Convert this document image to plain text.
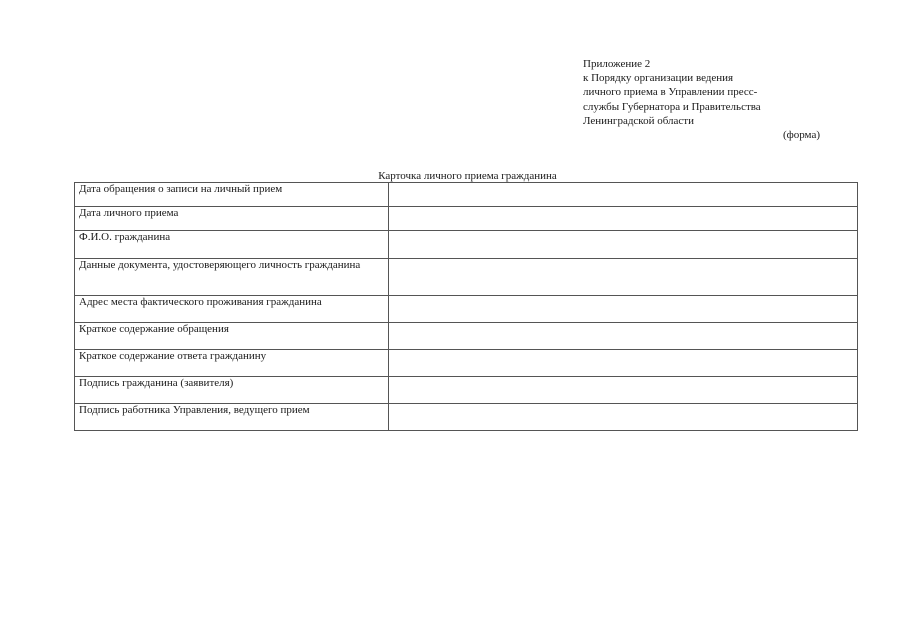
Приложение 2
к Порядку организации ведения
личного приема в Управлении пресс-
службы Губернатора и Правительства
Ленинградской области
(форма)
Карточка личного приема гражданина
Дата обращения о записи на личный прием	
Дата личного приема	
Ф.И.О. гражданина	
Данные документа, удостоверяющего личность гражданина	
Адрес места фактического проживания гражданина	
Краткое содержание обращения	
Краткое содержание ответа гражданину	
Подпись гражданина (заявителя)	
Подпись работника Управления, ведущего прием	
